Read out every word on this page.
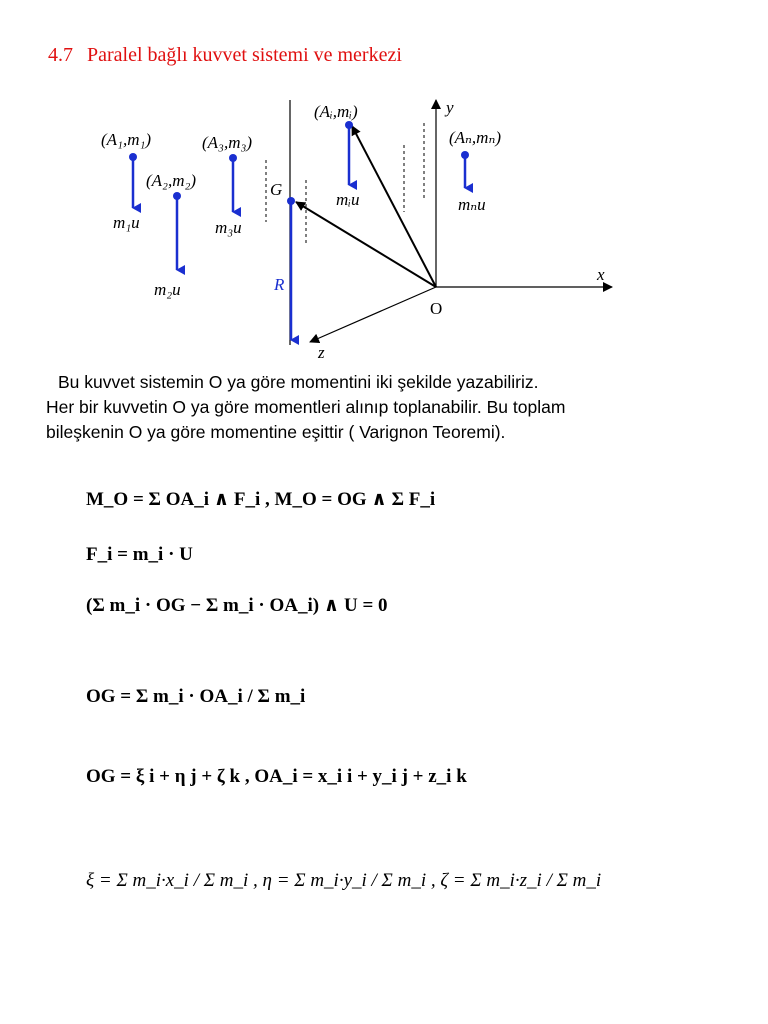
4.7 Paralel bağlı kuvvet sistemi ve merkezi
(A₁,m₁)
(A₂,m₂)
(A₃,m₃)
(Aᵢ,mᵢ)
(Aₙ,mₙ)
m₁u
m₂u
m₃u
mᵢu	mₙu
G
R
y
x
z
O
Bu kuvvet sistemin O ya göre momentini iki şekilde yazabiliriz.
Her bir kuvvetin O ya göre momentleri alınıp toplanabilir. Bu toplam
bileşkenin O ya göre momentine eşittir ( Varignon Teoremi).
M_O = Σ OA_i ∧ F_i , M_O = OG ∧ Σ F_i
F_i = m_i · U
(Σ m_i · OG − Σ m_i · OA_i) ∧ U = 0
OG = Σ m_i · OA_i / Σ m_i
OG = ξ i + η j + ζ k , OA_i = x_i i + y_i j + z_i k
ξ = Σ m_i·x_i / Σ m_i , η = Σ m_i·y_i / Σ m_i , ζ = Σ m_i·z_i / Σ m_i
